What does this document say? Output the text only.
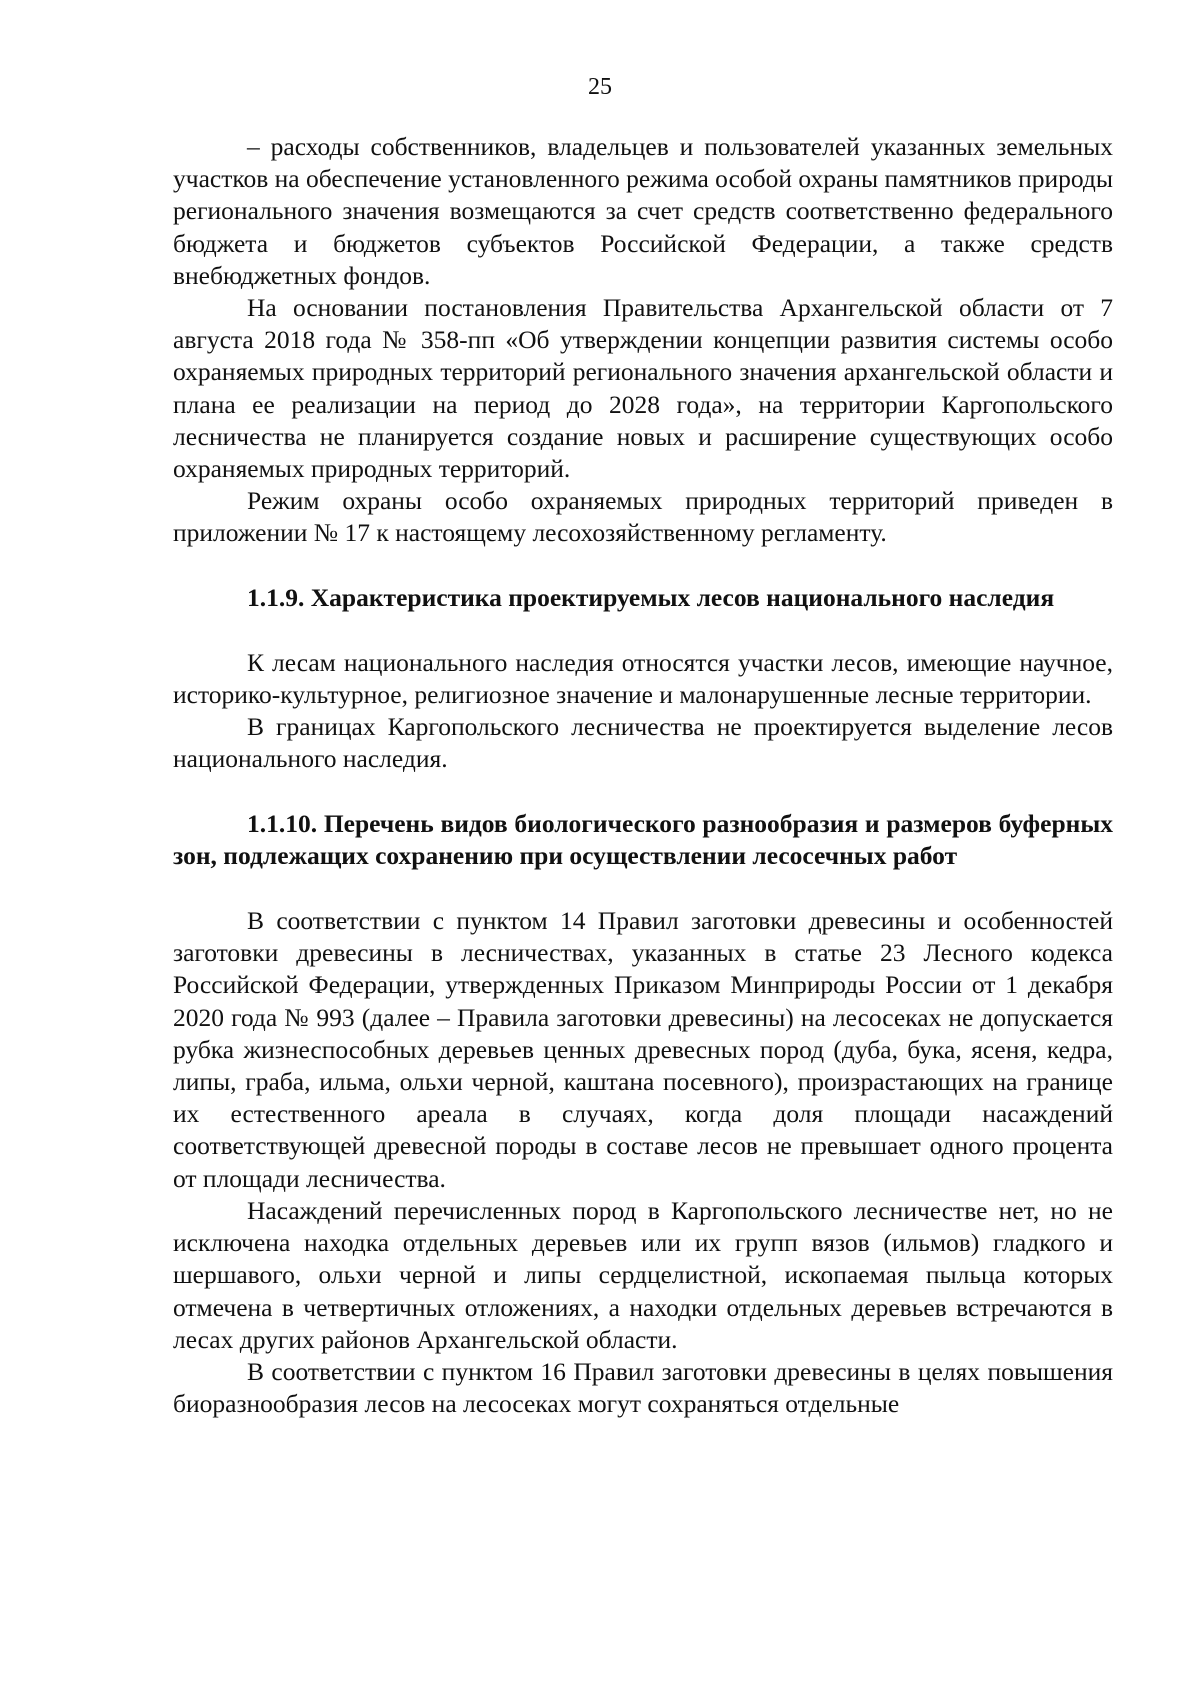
25

– расходы собственников, владельцев и пользователей указанных земельных участков на обеспечение установленного режима особой охраны памятников природы регионального значения возмещаются за счет средств соответственно федерального бюджета и бюджетов субъектов Российской Федерации, а также средств внебюджетных фондов.

На основании постановления Правительства Архангельской области от 7 августа 2018 года № 358-пп «Об утверждении концепции развития системы особо охраняемых природных территорий регионального значения архангельской области и плана ее реализации на период до 2028 года», на территории Каргопольского лесничества не планируется создание новых и расширение существующих особо охраняемых природных территорий.

Режим охраны особо охраняемых природных территорий приведен в приложении № 17 к настоящему лесохозяйственному регламенту.

1.1.9. Характеристика проектируемых лесов национального наследия

К лесам национального наследия относятся участки лесов, имеющие научное, историко-культурное, религиозное значение и малонарушенные лесные территории.

В границах Каргопольского лесничества не проектируется выделение лесов национального наследия.

1.1.10. Перечень видов биологического разнообразия и размеров буферных зон, подлежащих сохранению при осуществлении лесосечных работ

В соответствии с пунктом 14 Правил заготовки древесины и особенностей заготовки древесины в лесничествах, указанных в статье 23 Лесного кодекса Российской Федерации, утвержденных Приказом Минприроды России от 1 декабря 2020 года № 993 (далее – Правила заготовки древесины) на лесосеках не допускается рубка жизнеспособных деревьев ценных древесных пород (дуба, бука, ясеня, кедра, липы, граба, ильма, ольхи черной, каштана посевного), произрастающих на границе их естественного ареала в случаях, когда доля площади насаждений соответствующей древесной породы в составе лесов не превышает одного процента от площади лесничества.

Насаждений перечисленных пород в Каргопольского лесничестве нет, но не исключена находка отдельных деревьев или их групп вязов (ильмов) гладкого и шершавого, ольхи черной и липы сердцелистной, ископаемая пыльца которых отмечена в четвертичных отложениях, а находки отдельных деревьев встречаются в лесах других районов Архангельской области.

В соответствии с пунктом 16 Правил заготовки древесины в целях повышения биоразнообразия лесов на лесосеках могут сохраняться отдельные
